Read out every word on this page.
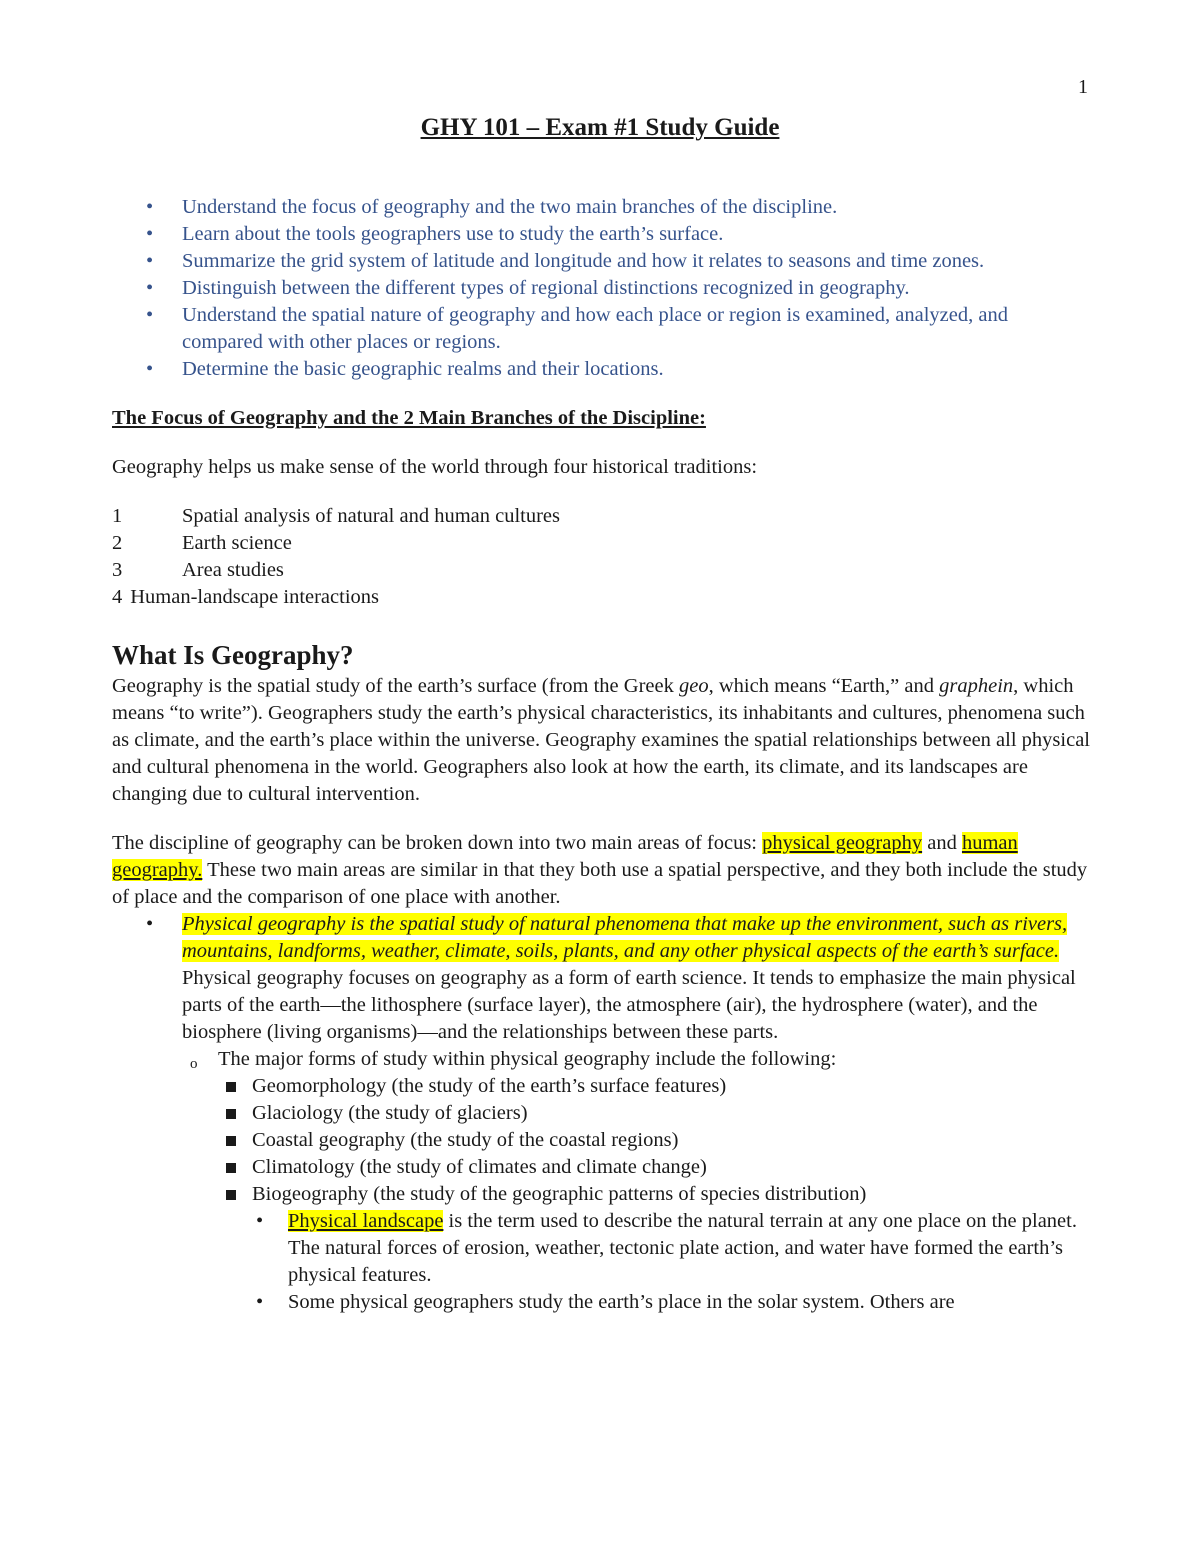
1
GHY 101 – Exam #1 Study Guide
• Understand the focus of geography and the two main branches of the discipline.
• Learn about the tools geographers use to study the earth’s surface.
• Summarize the grid system of latitude and longitude and how it relates to seasons and time zones.
• Distinguish between the different types of regional distinctions recognized in geography.
• Understand the spatial nature of geography and how each place or region is examined, analyzed, and compared with other places or regions.
• Determine the basic geographic realms and their locations.
The Focus of Geography and the 2 Main Branches of the Discipline:
Geography helps us make sense of the world through four historical traditions:
1	Spatial analysis of natural and human cultures
2	Earth science
3	Area studies
4 Human-landscape interactions
What Is Geography?
Geography is the spatial study of the earth’s surface (from the Greek geo, which means “Earth,” and graphein, which means “to write”). Geographers study the earth’s physical characteristics, its inhabitants and cultures, phenomena such as climate, and the earth’s place within the universe. Geography examines the spatial relationships between all physical and cultural phenomena in the world. Geographers also look at how the earth, its climate, and its landscapes are changing due to cultural intervention.
The discipline of geography can be broken down into two main areas of focus: physical geography and human geography. These two main areas are similar in that they both use a spatial perspective, and they both include the study of place and the comparison of one place with another.
• Physical geography is the spatial study of natural phenomena that make up the environment, such as rivers, mountains, landforms, weather, climate, soils, plants, and any other physical aspects of the earth’s surface. Physical geography focuses on geography as a form of earth science. It tends to emphasize the main physical parts of the earth—the lithosphere (surface layer), the atmosphere (air), the hydrosphere (water), and the biosphere (living organisms)—and the relationships between these parts.
o The major forms of study within physical geography include the following:
Geomorphology (the study of the earth’s surface features)
Glaciology (the study of glaciers)
Coastal geography (the study of the coastal regions)
Climatology (the study of climates and climate change)
Biogeography (the study of the geographic patterns of species distribution)
• Physical landscape is the term used to describe the natural terrain at any one place on the planet. The natural forces of erosion, weather, tectonic plate action, and water have formed the earth’s physical features.
• Some physical geographers study the earth’s place in the solar system. Others are
